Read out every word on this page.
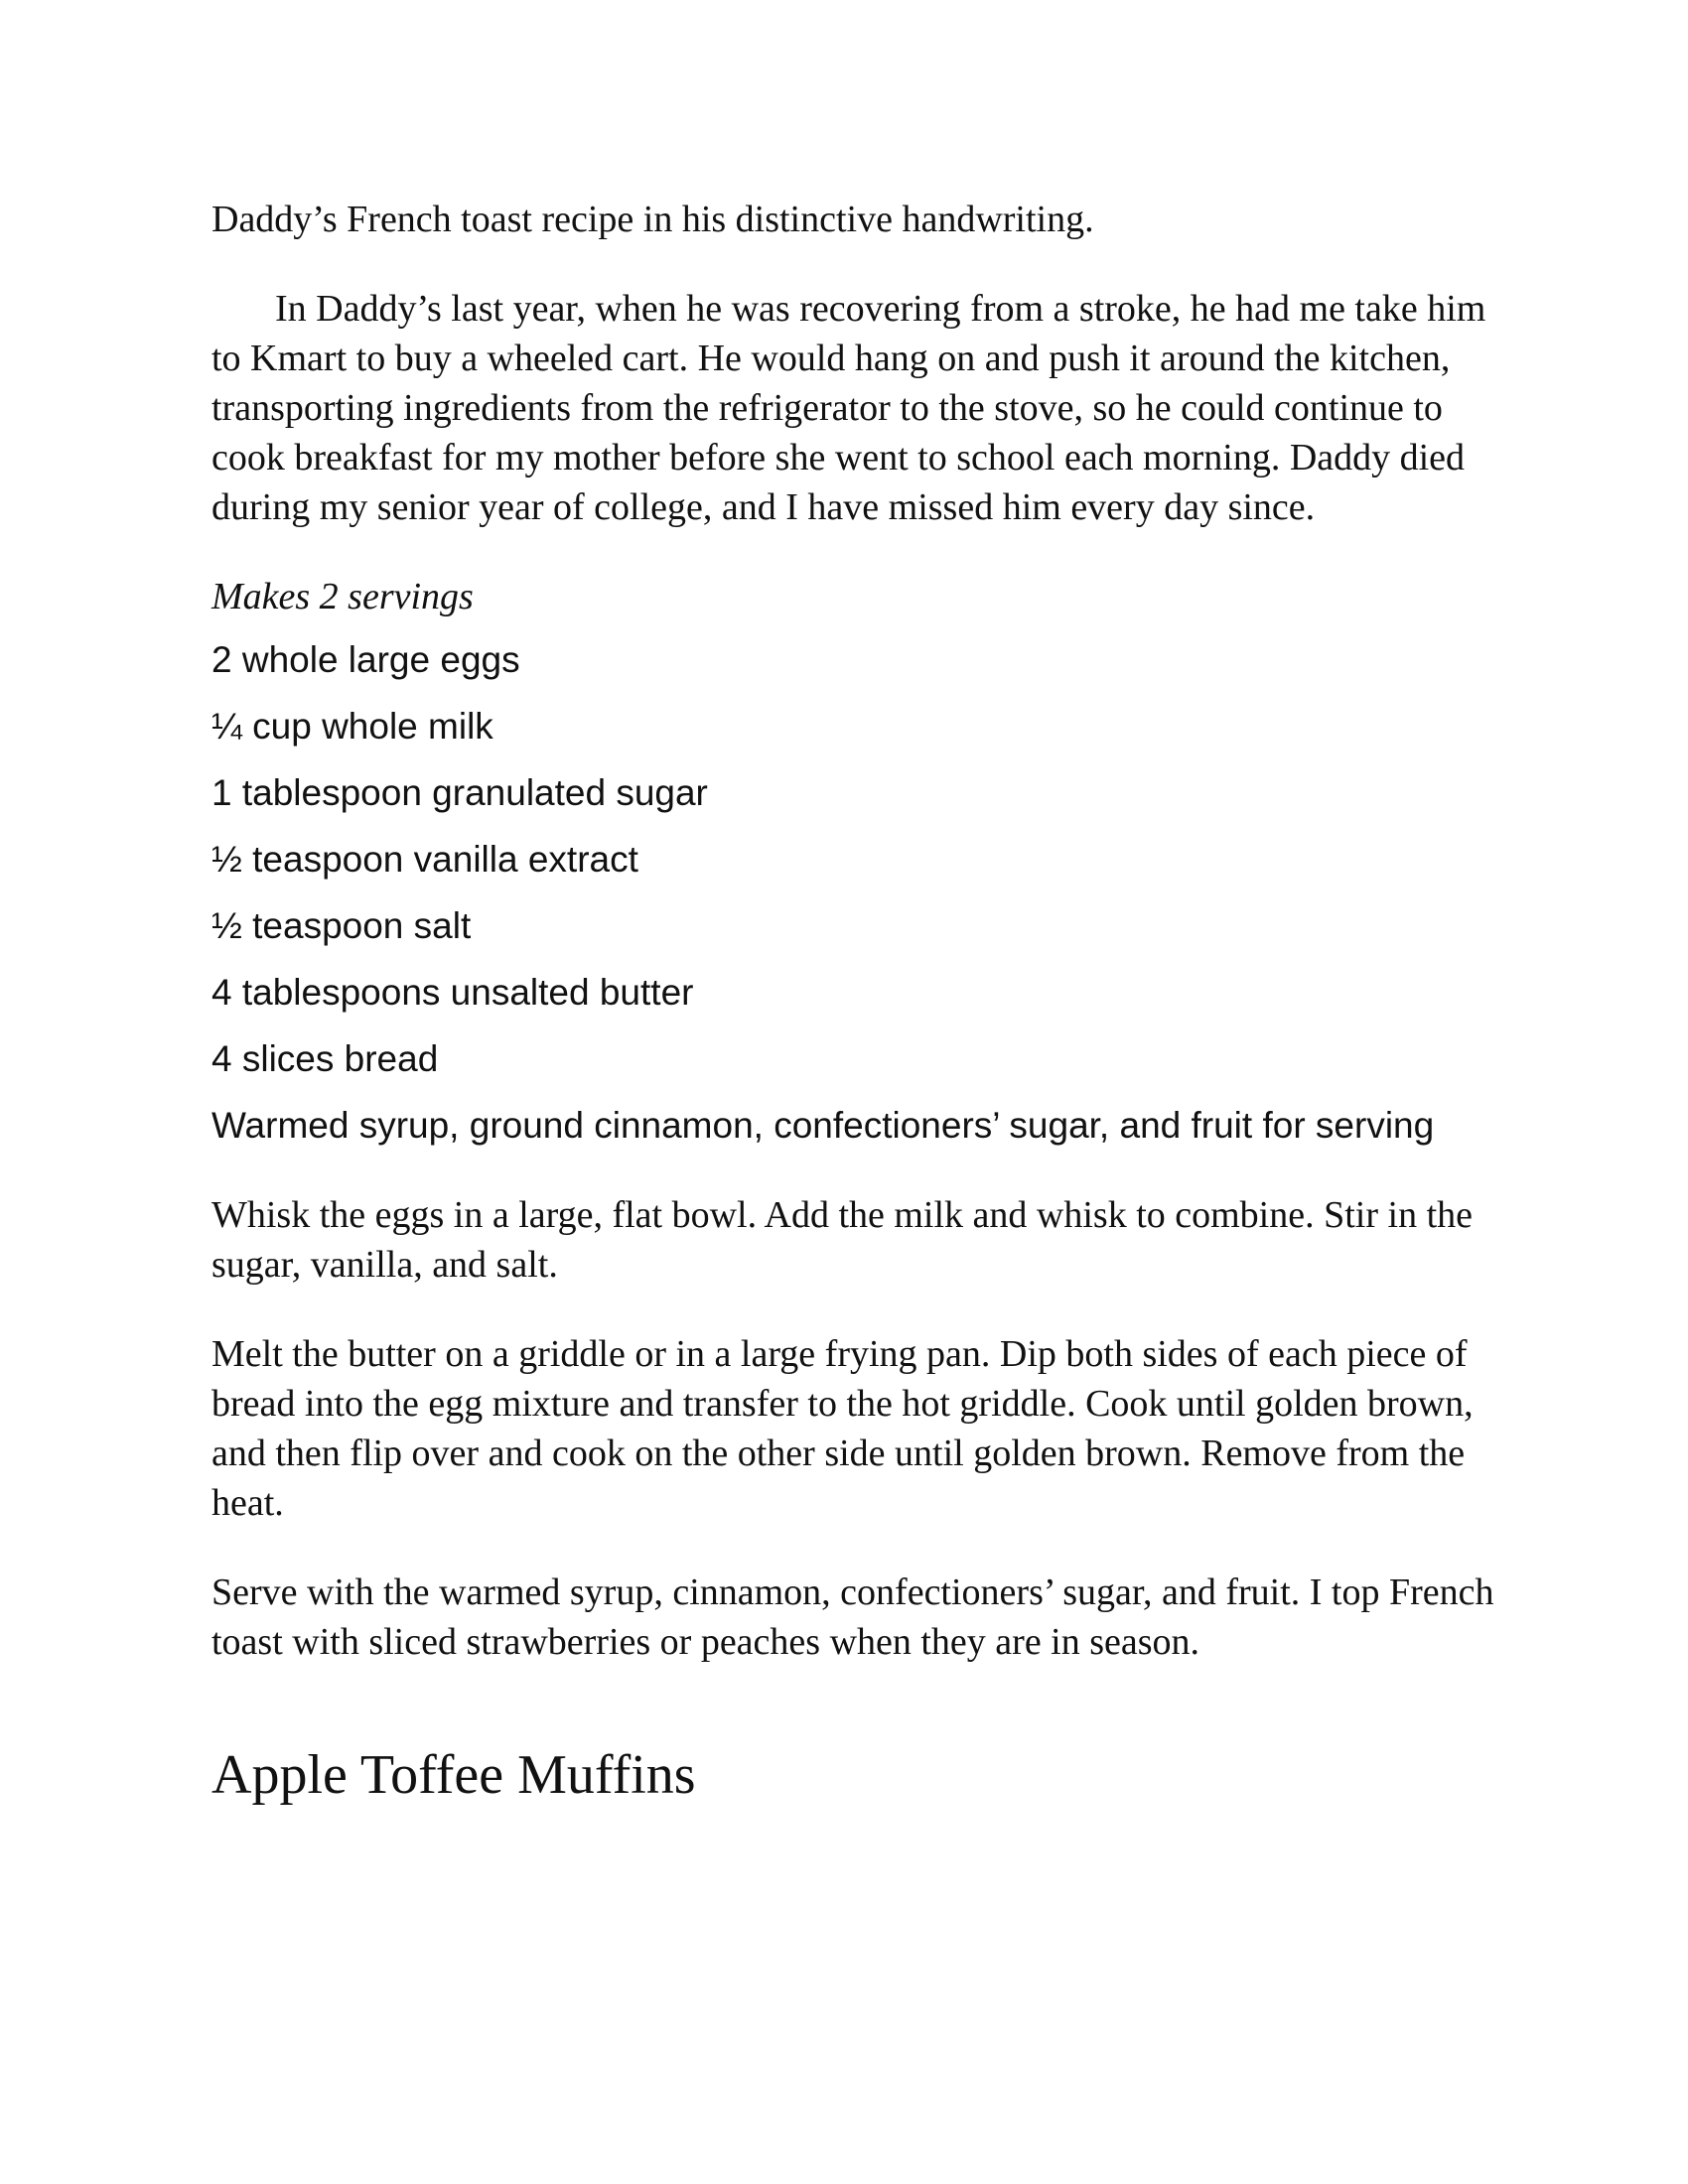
Daddy’s French toast recipe in his distinctive handwriting.

In Daddy’s last year, when he was recovering from a stroke, he had me take him to Kmart to buy a wheeled cart. He would hang on and push it around the kitchen, transporting ingredients from the refrigerator to the stove, so he could continue to cook breakfast for my mother before she went to school each morning. Daddy died during my senior year of college, and I have missed him every day since.

Makes 2 servings

2 whole large eggs
¼ cup whole milk
1 tablespoon granulated sugar
½ teaspoon vanilla extract
½ teaspoon salt
4 tablespoons unsalted butter
4 slices bread
Warmed syrup, ground cinnamon, confectioners’ sugar, and fruit for serving

Whisk the eggs in a large, flat bowl. Add the milk and whisk to combine. Stir in the sugar, vanilla, and salt.

Melt the butter on a griddle or in a large frying pan. Dip both sides of each piece of bread into the egg mixture and transfer to the hot griddle. Cook until golden brown, and then flip over and cook on the other side until golden brown. Remove from the heat.

Serve with the warmed syrup, cinnamon, confectioners’ sugar, and fruit. I top French toast with sliced strawberries or peaches when they are in season.

Apple Toffee Muffins
